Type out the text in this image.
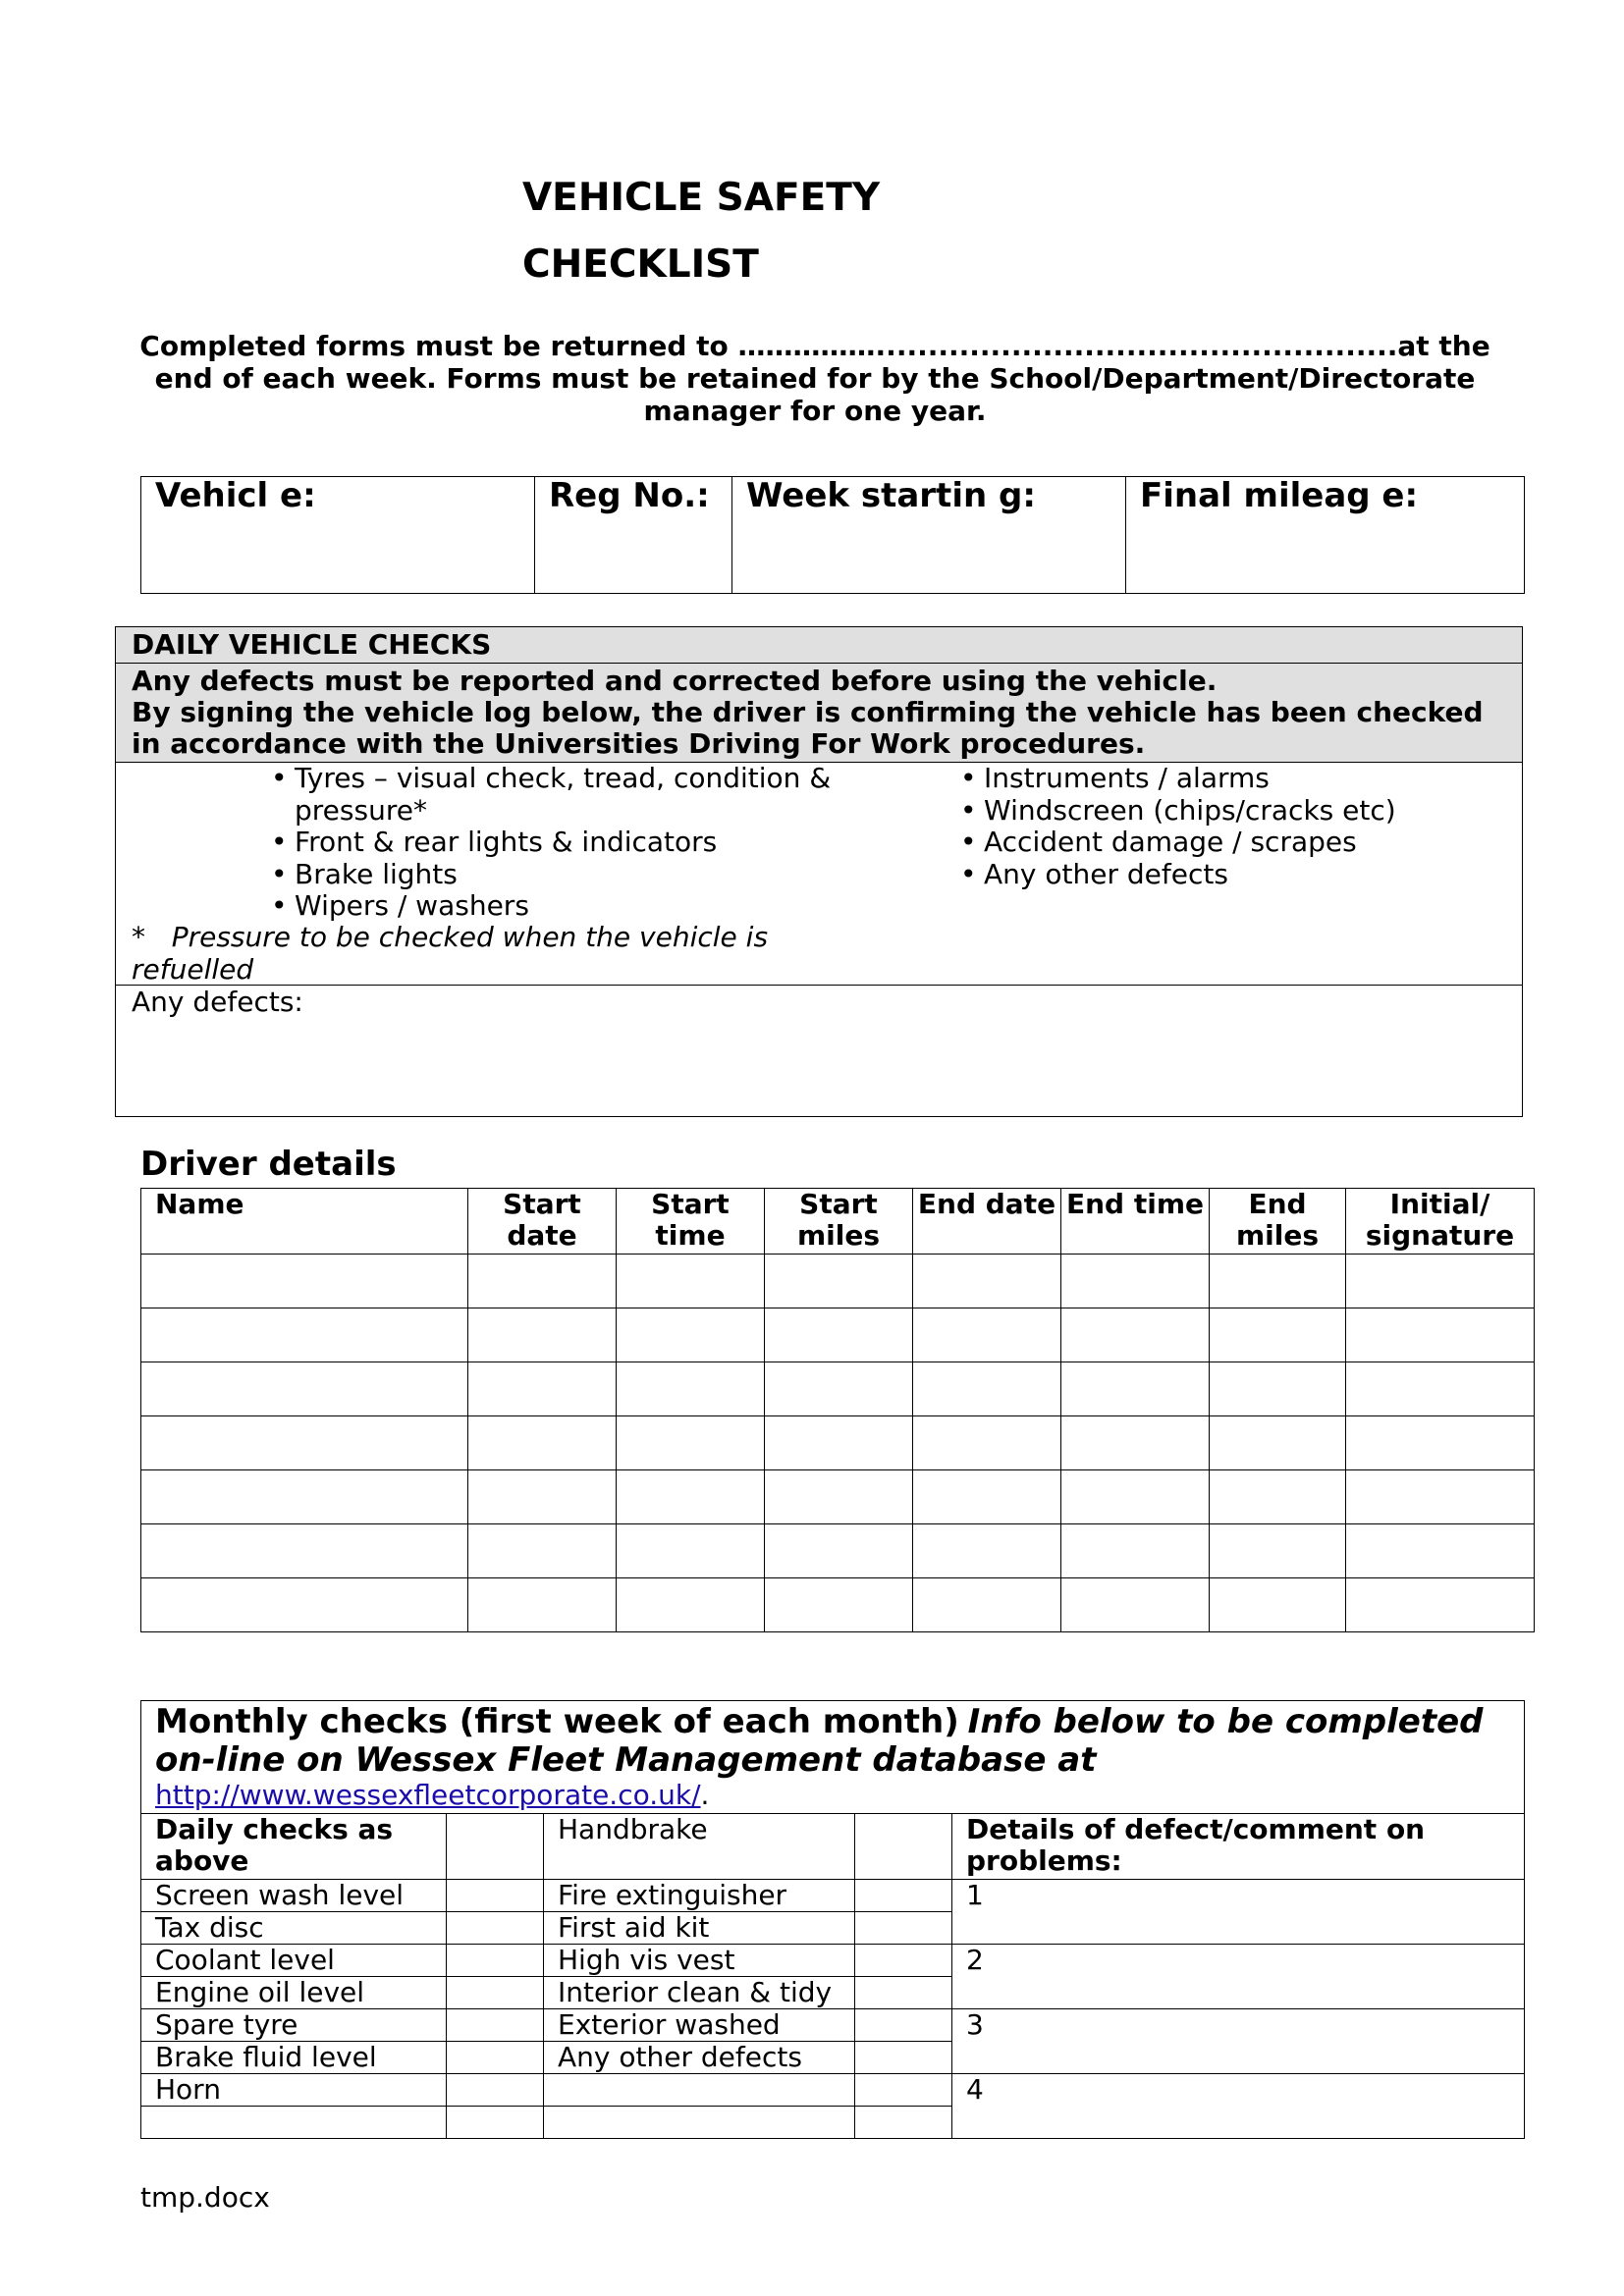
VEHICLE SAFETY
CHECKLIST
Completed forms must be returned to ……………..................................................at the end of each week. Forms must be retained for by the School/Department/Directorate manager for one year.
Vehicl e:	Reg No.:	Week startin g:	Final mileag e:
DAILY VEHICLE CHECKS
Any defects must be reported and corrected before using the vehicle.
By signing the vehicle log below, the driver is confirming the vehicle has been checked in accordance with the Universities Driving For Work procedures.
• Tyres – visual check, tread, condition & pressure*
• Front & rear lights & indicators
• Brake lights
• Wipers / washers
• Instruments / alarms
• Windscreen (chips/cracks etc)
• Accident damage / scrapes
• Any other defects
* Pressure to be checked when the vehicle is refuelled
Any defects:
Driver details
Name	Start date	Start time	Start miles	End date	End time	End miles	Initial/ signature

Monthly checks (first week of each month) Info below to be completed on-line on Wessex Fleet Management database at
http://www.wessexfleetcorporate.co.uk/.				
Daily checks as above		Handbrake		Details of defect/comment on problems:
Screen wash level		Fire extinguisher		1
Tax disc		First aid kit		
Coolant level		High vis vest		2
Engine oil level		Interior clean & tidy		
Spare tyre		Exterior washed		3
Brake fluid level		Any other defects		
Horn				4

tmp.docx
